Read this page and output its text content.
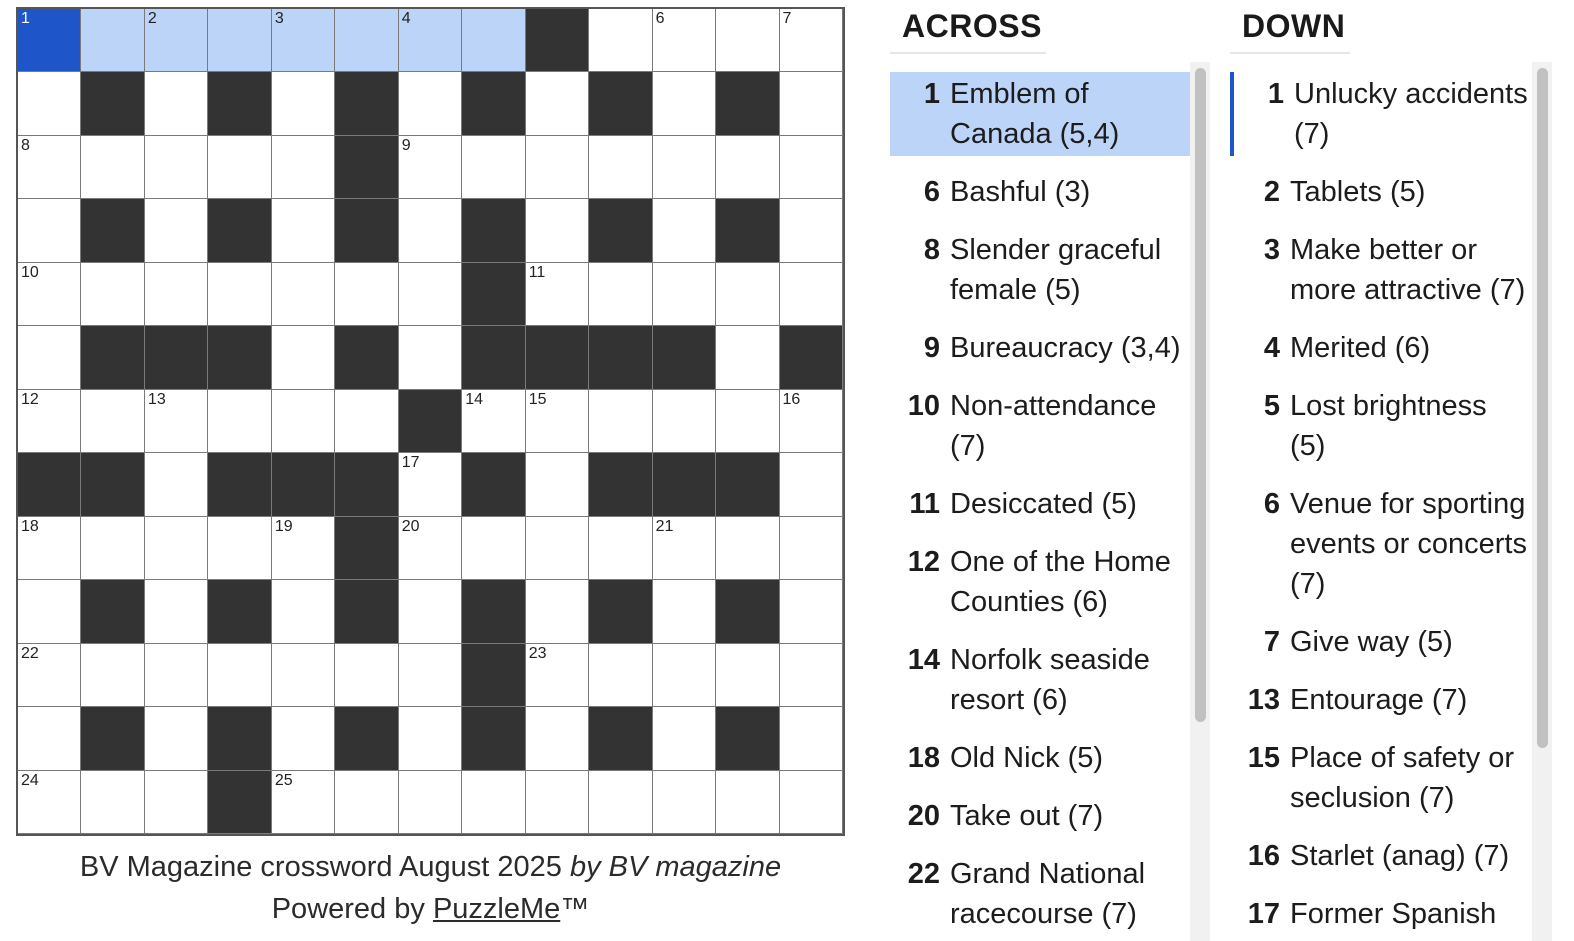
1	2	3	4	6	7
8	9
10	11
12	13	14	15	16
17
18	19	20	21
22	23
24	25
BV Magazine crossword August 2025 by BV magazine
Powered by PuzzleMe™
ACROSS
1 Emblem of Canada (5,4)
6 Bashful (3)
8 Slender graceful female (5)
9 Bureaucracy (3,4)
10 Non-attendance (7)
11 Desiccated (5)
12 One of the Home Counties (6)
14 Norfolk seaside resort (6)
18 Old Nick (5)
20 Take out (7)
22 Grand National racecourse (7)
DOWN
1 Unlucky accidents (7)
2 Tablets (5)
3 Make better or more attractive (7)
4 Merited (6)
5 Lost brightness (5)
6 Venue for sporting events or concerts (7)
7 Give way (5)
13 Entourage (7)
15 Place of safety or seclusion (7)
16 Starlet (anag) (7)
17 Former Spanish
